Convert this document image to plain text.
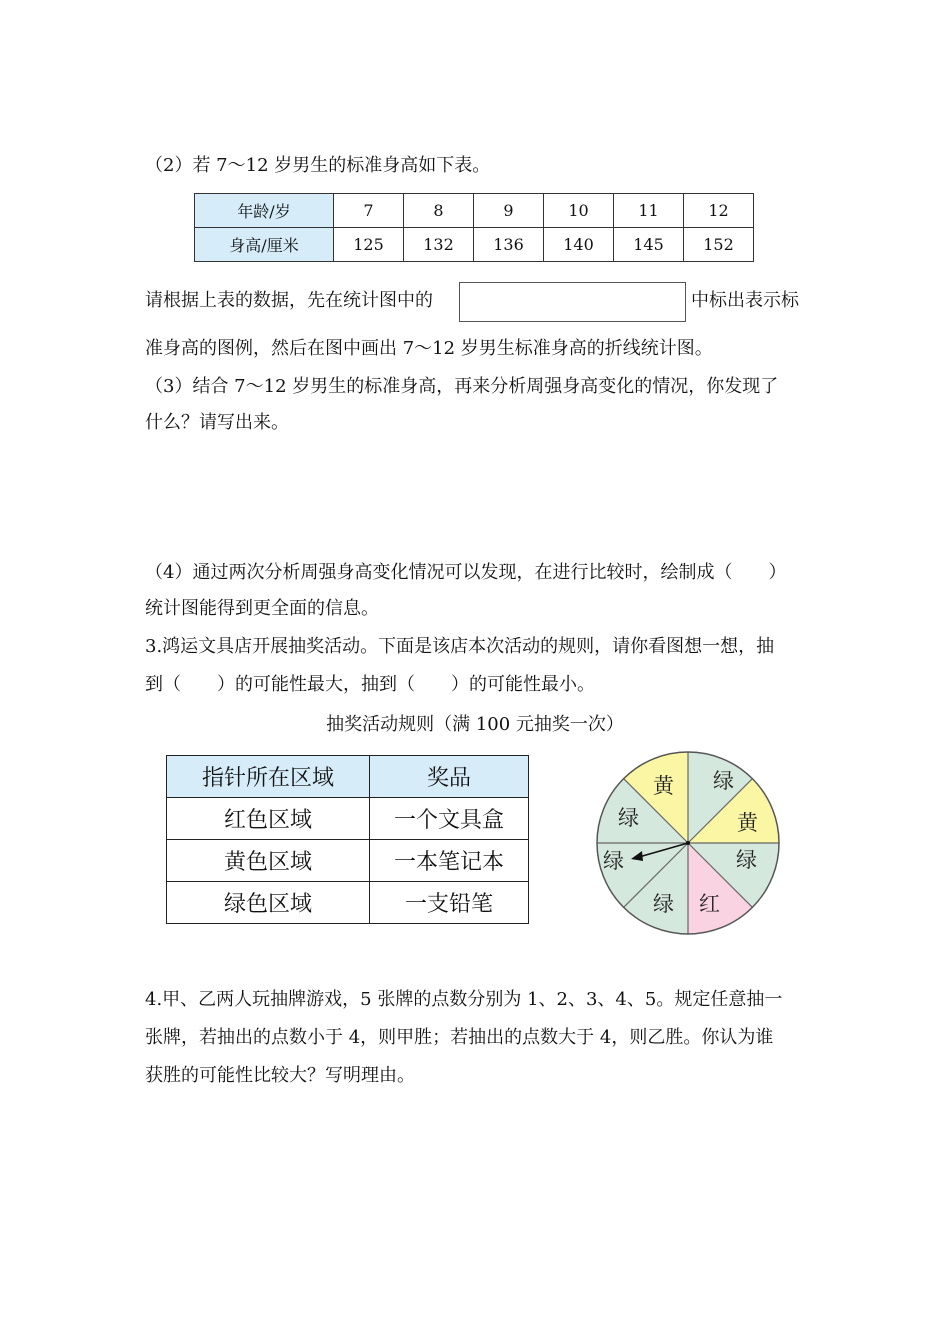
（2）若 7～12 岁男生的标准身高如下表。
年龄/岁	7	8	9	10	11	12
身高/厘米	125	132	136	140	145	152
请根据上表的数据，先在统计图中的	中标出表示标
准身高的图例，然后在图中画出 7～12 岁男生标准身高的折线统计图。
（3）结合 7～12 岁男生的标准身高，再来分析周强身高变化的情况，你发现了
什么？请写出来。
（4）通过两次分析周强身高变化情况可以发现，在进行比较时，绘制成（　　）
统计图能得到更全面的信息。
3.鸿运文具店开展抽奖活动。下面是该店本次活动的规则，请你看图想一想，抽
到（　　）的可能性最大，抽到（　　）的可能性最小。
抽奖活动规则（满 100 元抽奖一次）
指针所在区域	奖品
红色区域	一个文具盒
黄色区域	一本笔记本
绿色区域	一支铅笔
绿
黄
绿
红
绿
绿
绿
黄
4.甲、乙两人玩抽牌游戏，5 张牌的点数分别为 1、2、3、4、5。规定任意抽一
张牌，若抽出的点数小于 4，则甲胜；若抽出的点数大于 4，则乙胜。你认为谁
获胜的可能性比较大？写明理由。
